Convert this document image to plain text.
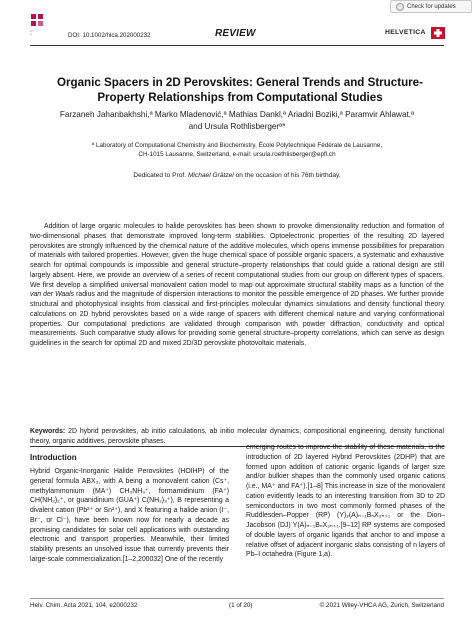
▪▪▪
▪▪	DOI: 10.1002/hlca.202000232	REVIEW
Check for updates
HELVETICA
Organic Spacers in 2D Perovskites: General Trends and Structure-
Property Relationships from Computational Studies
Farzaneh Jahanbakhshi,ª Marko Mladenović,ª Mathias Dankl,ª Ariadni Boziki,ª Paramvir Ahlawat,ª
and Ursula Rothlisbergerª*
ª Laboratory of Computational Chemistry and Biochemistry, École Polytechnique Fédérale de Lausanne,
CH-1015 Lausanne, Switzerland, e-mail: ursula.roethlisberger@epfl.ch
Dedicated to Prof. Michael Grätzel on the occasion of his 76th birthday.
Addition of large organic molecules to halide perovskites has been shown to provoke dimensionality reduction and formation of two-dimensional phases that demonstrate improved long-term stabilities. Optoelectronic properties of the resulting 2D layered perovskites are strongly influenced by the chemical nature of the additive molecules, which opens immense possibilities for preparation of materials with tailored properties. However, given the huge chemical space of possible organic spacers, a systematic and exhaustive search for optimal compounds is impossible and general structure–property relationships that could guide a rational design are still largely absent. Here, we provide an overview of a series of recent computational studies from our group on different types of spacers. We first develop a simplified universal monovalent cation model to map out approximate structural stability maps as a function of the van der Waals radius and the magnitude of dispersion interactions to monitor the possible emergence of 2D phases. We further provide structural and photophysical insights from classical and first-principles molecular dynamics simulations and density functional theory calculations on 2D hybrid perovskites based on a wide range of spacers with different chemical nature and varying conformational properties. Our computational predictions are validated through comparison with powder diffraction, conductivity and optical measurements. Such comparative study allows for providing some general structure–property correlations, which can serve as design guidelines in the search for optimal 2D and mixed 2D/3D perovskite photovoltaic materials.
Keywords: 2D hybrid perovskites, ab initio calculations, ab initio molecular dynamics, compositional engineering, density functional theory, organic additives, perovskite phases.
Introduction
Hybrid Organic-Inorganic Halide Perovskites (HOIHP) of the general formula ABX₃, with A being a monovalent cation (Cs⁺, methylammonium (MA⁺) CH₃NH₃⁺, formamidinium (FA⁺) CH(NH₂)₂⁺, or guanidinium (GUA⁺) C(NH₂)₃⁺), B representing a divalent cation (Pb²⁺ or Sn²⁺), and X featuring a halide anion (I⁻, Br⁻, or Cl⁻), have been known now for nearly a decade as promising candidates for solar cell applications with outstanding electronic and transport properties. Meanwhile, their limited stability presents an unsolved issue that currently prevents their large-scale commercialization.[1–2,200032] One of the recently
emerging routes to improve the stability of these materials, is the introduction of 2D layered Hybrid Perovskites (2DHP) that are formed upon addition of cationic organic ligands of larger size and/or bulkier shapes than the commonly used organic cations (i.e., MA⁺ and FA⁺).[1–8] This increase in size of the monovalent cation evidently leads to an interesting transition from 3D to 2D semiconductors in two most commonly formed phases of the Ruddlesden–Popper (RP) (Y)₂(A)ₙ₋₁BₙX₃ₙ₊₁ or the Dion–Jacobson (DJ) Y(A)ₙ₋₁BₙX₃ₙ₊₁.[9–12] RP systems are composed of double layers of organic ligands that anchor to and impose a relative offset of adjacent inorganic slabs consisting of n layers of Pb–I octahedra (Figure 1,a).
Helv. Chim. Acta 2021, 104, e2000232	(1 of 20)	© 2021 Wiley-VHCA AG, Zurich, Switzerland
